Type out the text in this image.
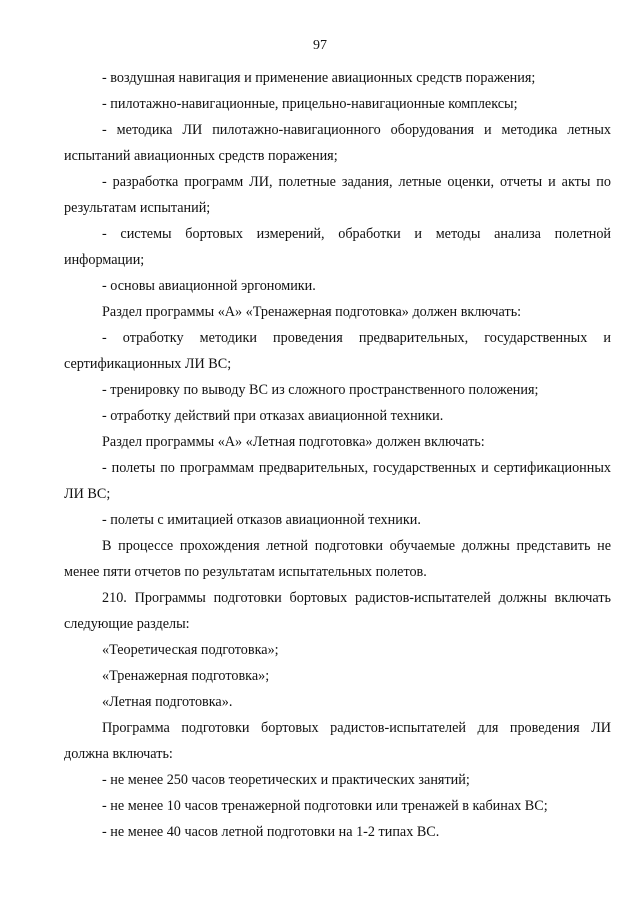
97

- воздушная навигация и применение авиационных средств поражения;

- пилотажно-навигационные, прицельно-навигационные комплексы;

- методика ЛИ пилотажно-навигационного оборудования и методика летных испытаний авиационных средств поражения;

- разработка программ ЛИ, полетные задания, летные оценки, отчеты и акты по результатам испытаний;

- системы бортовых измерений, обработки и методы анализа полетной информации;

- основы авиационной эргономики.

Раздел программы «А» «Тренажерная подготовка» должен включать:

- отработку методики проведения предварительных, государственных и сертификационных ЛИ ВС;

- тренировку по выводу ВС из сложного пространственного положения;

- отработку действий при отказах авиационной техники.

Раздел программы «А» «Летная подготовка» должен включать:

- полеты по программам предварительных, государственных и сертификационных ЛИ ВС;

- полеты с имитацией отказов авиационной техники.

В процессе прохождения летной подготовки обучаемые должны представить не менее пяти отчетов по результатам испытательных полетов.

210. Программы подготовки бортовых радистов-испытателей должны включать следующие разделы:

«Теоретическая подготовка»;

«Тренажерная подготовка»;

«Летная подготовка».

Программа подготовки бортовых радистов-испытателей для проведения ЛИ должна включать:

- не менее 250 часов теоретических и практических занятий;

- не менее 10 часов тренажерной подготовки или тренажей в кабинах ВС;

- не менее 40 часов летной подготовки на 1-2 типах ВС.
